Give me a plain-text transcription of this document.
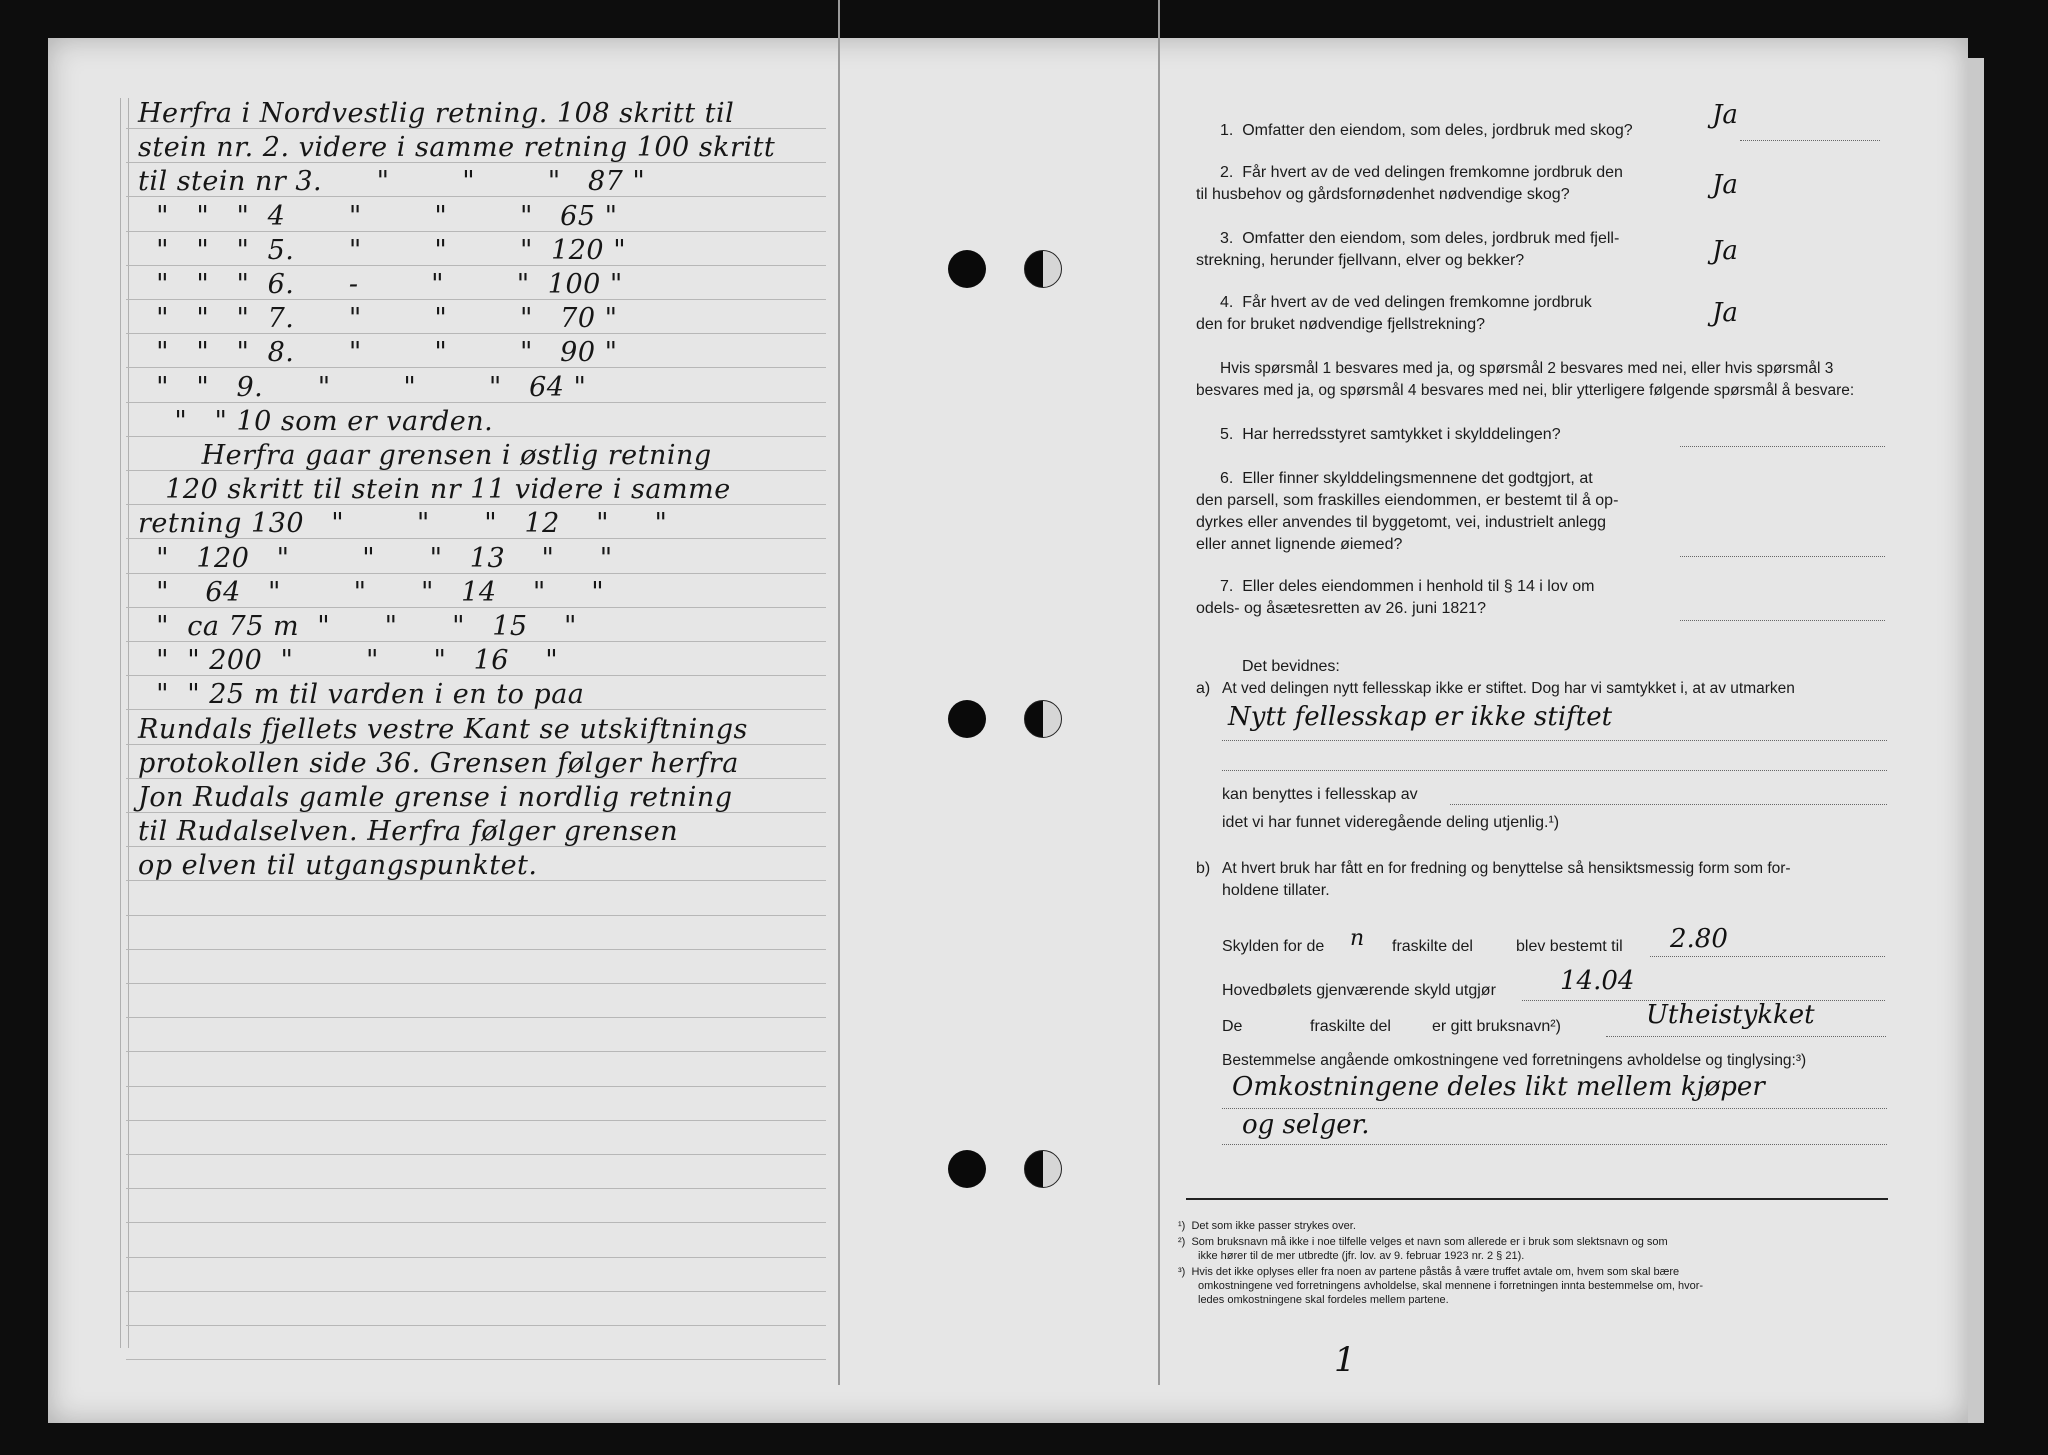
Herfra i Nordvestlig retning. 108 skritt til
stein nr. 2. videre i samme retning 100 skritt
til stein nr 3.      "        "        "   87 "
"   "   "  4       "        "        "   65 "
"   "   "  5.      "        "        "  120 "
"   "   "  6.      -        "        "  100 "
"   "   "  7.      "        "        "   70 "
"   "   "  8.      "        "        "   90 "
"   "   9.      "        "        "   64 "
"   " 10 som er varden.
Herfra gaar grensen i østlig retning
120 skritt til stein nr 11 videre i samme
retning 130   "        "      "   12    "     "
"   120   "        "      "   13    "     "
"    64   "        "      "   14    "     "
"  ca 75 m  "      "      "   15    "
"  " 200  "        "      "   16    "
"  " 25 m til varden i en to paa
Rundals fjellets vestre Kant se utskiftnings
protokollen side 36. Grensen følger herfra
Jon Rudals gamle grense i nordlig retning
til Rudalselven. Herfra følger grensen
op elven til utgangspunktet.
1.  Omfatter den eiendom, som deles, jordbruk med skog?
Ja
2.  Får hvert av de ved delingen fremkomne jordbruk den
til husbehov og gårdsfornødenhet nødvendige skog?	Ja
3.  Omfatter den eiendom, som deles, jordbruk med fjell-
strekning, herunder fjellvann, elver og bekker?	Ja
4.  Får hvert av de ved delingen fremkomne jordbruk
den for bruket nødvendige fjellstrekning?	Ja
Hvis spørsmål 1 besvares med ja, og spørsmål 2 besvares med nei, eller hvis spørsmål 3
besvares med ja, og spørsmål 4 besvares med nei, blir ytterligere følgende spørsmål å besvare:
5.  Har herredsstyret samtykket i skylddelingen?
6.  Eller finner skylddelingsmennene det godtgjort, at
den parsell, som fraskilles eiendommen, er bestemt til å op-
dyrkes eller anvendes til byggetomt, vei, industrielt anlegg
eller annet lignende øiemed?
7.  Eller deles eiendommen i henhold til § 14 i lov om
odels- og åsætesretten av 26. juni 1821?
Det bevidnes:
a) At ved delingen nytt fellesskap ikke er stiftet. Dog har vi samtykket i, at av utmarken
Nytt fellesskap er ikke stiftet
kan benyttes i fellesskap av
idet vi har funnet videregående deling utjenlig.¹)
b) At hvert bruk har fått en for fredning og benyttelse så hensiktsmessig form som for-
holdene tillater.
Skylden for de n fraskilte del	blev bestemt til 2.80
Hovedbølets gjenværende skyld utgjør 14.04
De	fraskilte del	er gitt bruksnavn²)	Utheistykket
Bestemmelse angående omkostningene ved forretningens avholdelse og tinglysing:³)
Omkostningene deles likt mellem kjøper
og selger.
¹)  Det som ikke passer strykes over.
²)  Som bruksnavn må ikke i noe tilfelle velges et navn som allerede er i bruk som slektsnavn og som
ikke hører til de mer utbredte (jfr. lov. av 9. februar 1923 nr. 2 § 21).
³)  Hvis det ikke oplyses eller fra noen av partene påstås å være truffet avtale om, hvem som skal bære
omkostningene ved forretningens avholdelse, skal mennene i forretningen innta bestemmelse om, hvor-
ledes omkostningene skal fordeles mellem partene.
1
